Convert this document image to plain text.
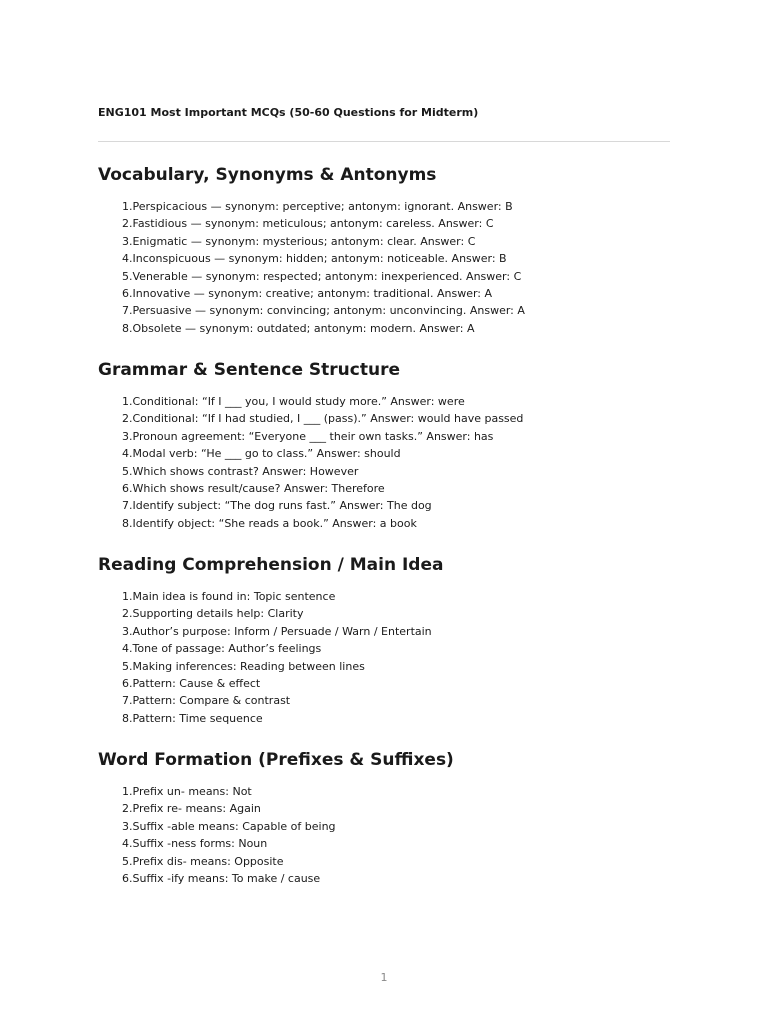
ENG101 Most Important MCQs (50-60 Questions for Midterm)
Vocabulary, Synonyms & Antonyms
1.Perspicacious — synonym: perceptive; antonym: ignorant. Answer: B
2.Fastidious — synonym: meticulous; antonym: careless. Answer: C
3.Enigmatic — synonym: mysterious; antonym: clear. Answer: C
4.Inconspicuous — synonym: hidden; antonym: noticeable. Answer: B
5.Venerable — synonym: respected; antonym: inexperienced. Answer: C
6.Innovative — synonym: creative; antonym: traditional. Answer: A
7.Persuasive — synonym: convincing; antonym: unconvincing. Answer: A
8.Obsolete — synonym: outdated; antonym: modern. Answer: A
Grammar & Sentence Structure
1.Conditional: “If I ___ you, I would study more.” Answer: were
2.Conditional: “If I had studied, I ___ (pass).” Answer: would have passed
3.Pronoun agreement: “Everyone ___ their own tasks.” Answer: has
4.Modal verb: “He ___ go to class.” Answer: should
5.Which shows contrast? Answer: However
6.Which shows result/cause? Answer: Therefore
7.Identify subject: “The dog runs fast.” Answer: The dog
8.Identify object: “She reads a book.” Answer: a book
Reading Comprehension / Main Idea
1.Main idea is found in: Topic sentence
2.Supporting details help: Clarity
3.Author’s purpose: Inform / Persuade / Warn / Entertain
4.Tone of passage: Author’s feelings
5.Making inferences: Reading between lines
6.Pattern: Cause & effect
7.Pattern: Compare & contrast
8.Pattern: Time sequence
Word Formation (Prefixes & Suffixes)
1.Prefix un- means: Not
2.Prefix re- means: Again
3.Suffix -able means: Capable of being
4.Suffix -ness forms: Noun
5.Prefix dis- means: Opposite
6.Suffix -ify means: To make / cause
1
